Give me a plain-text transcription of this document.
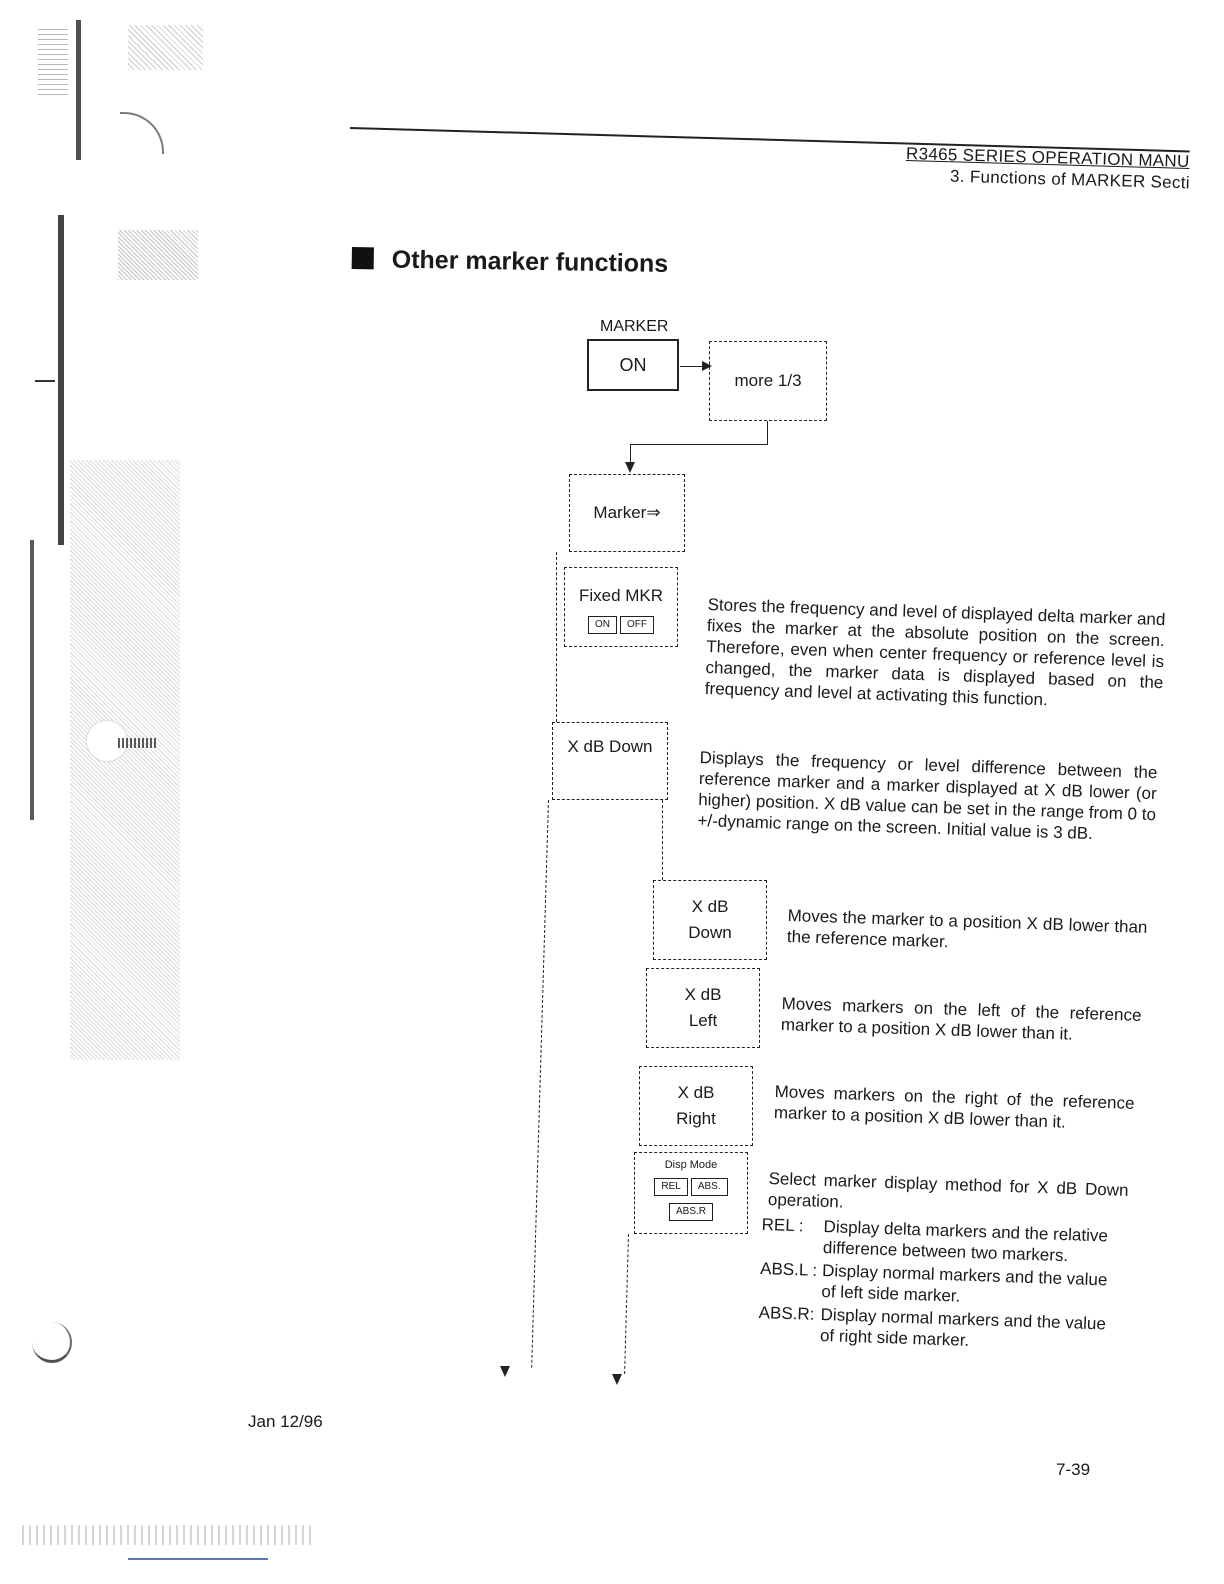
R3465 SERIES OPERATION MANU
3. Functions of MARKER Secti
Other marker functions
MARKER
ON
more 1/3
Marker⇒
Fixed MKR
ON OFF
X dB Down
X dB
Down
X dB
Left
X dB
Right
Disp Mode
REL ABS.
ABS.R

Stores the frequency and level of displayed delta marker and fixes the marker at the absolute position on the screen. Therefore, even when center frequency or reference level is changed, the marker data is displayed based on the frequency and level at activating this function.

Displays the frequency or level difference between the reference marker and a marker displayed at X dB lower (or higher) position. X dB value can be set in the range from 0 to +/-dynamic range on the screen. Initial value is 3 dB.

Moves the marker to a position X dB lower than the reference marker.

Moves markers on the left of the reference marker to a position X dB lower than it.

Moves markers on the right of the reference marker to a position X dB lower than it.

Select marker display method for X dB Down operation.

REL :	Display delta markers and the relative difference between two markers.
ABS.L : Display normal markers and the value of left side marker.
ABS.R: Display normal markers and the value of right side marker.
Jan 12/96
7-39
